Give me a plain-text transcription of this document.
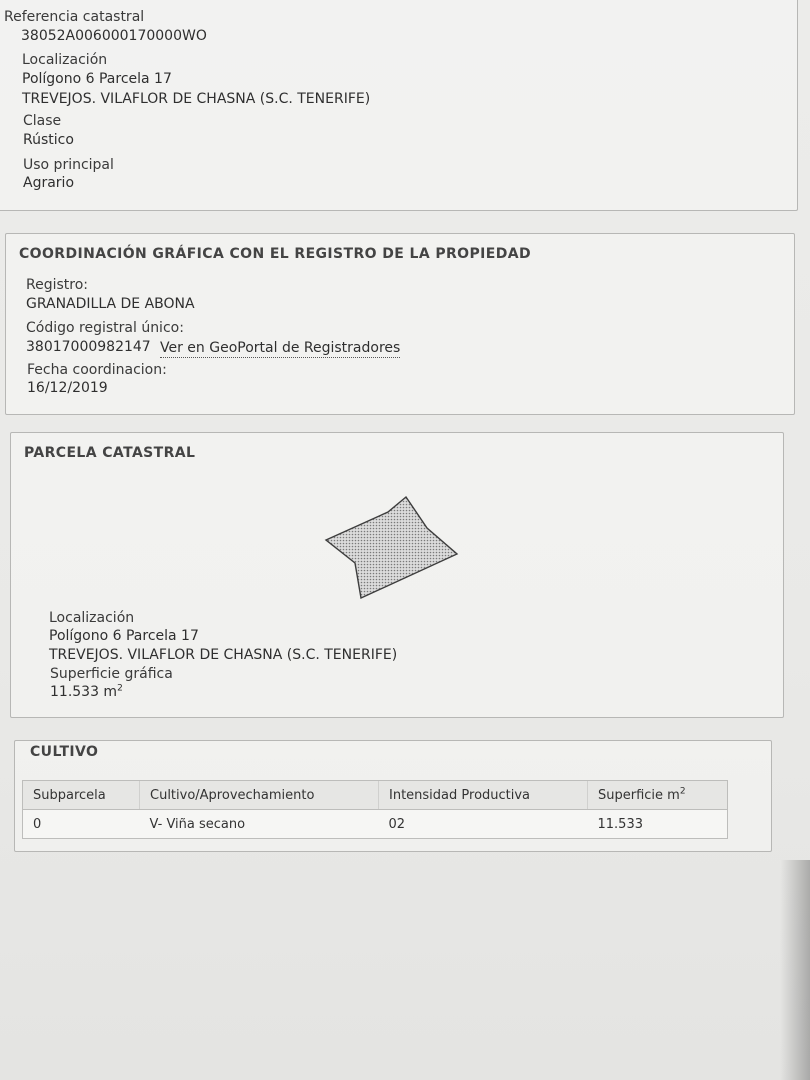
Referencia catastral
38052A006000170000WO
Localización
Polígono 6 Parcela 17
TREVEJOS. VILAFLOR DE CHASNA (S.C. TENERIFE)
Clase
Rústico
Uso principal
Agrario
COORDINACIÓN GRÁFICA CON EL REGISTRO DE LA PROPIEDAD
Registro:
GRANADILLA DE ABONA
Código registral único:
38017000982147 Ver en GeoPortal de Registradores
Fecha coordinacion:
16/12/2019
PARCELA CATASTRAL
Localización
Polígono 6 Parcela 17
TREVEJOS. VILAFLOR DE CHASNA (S.C. TENERIFE)
Superficie gráfica
11.533 $m^2$
CULTIVO
Subparcela	Cultivo/Aprovechamiento	Intensidad Productiva	Superficie $m^2$
0	V- Viña secano	02	11.533
